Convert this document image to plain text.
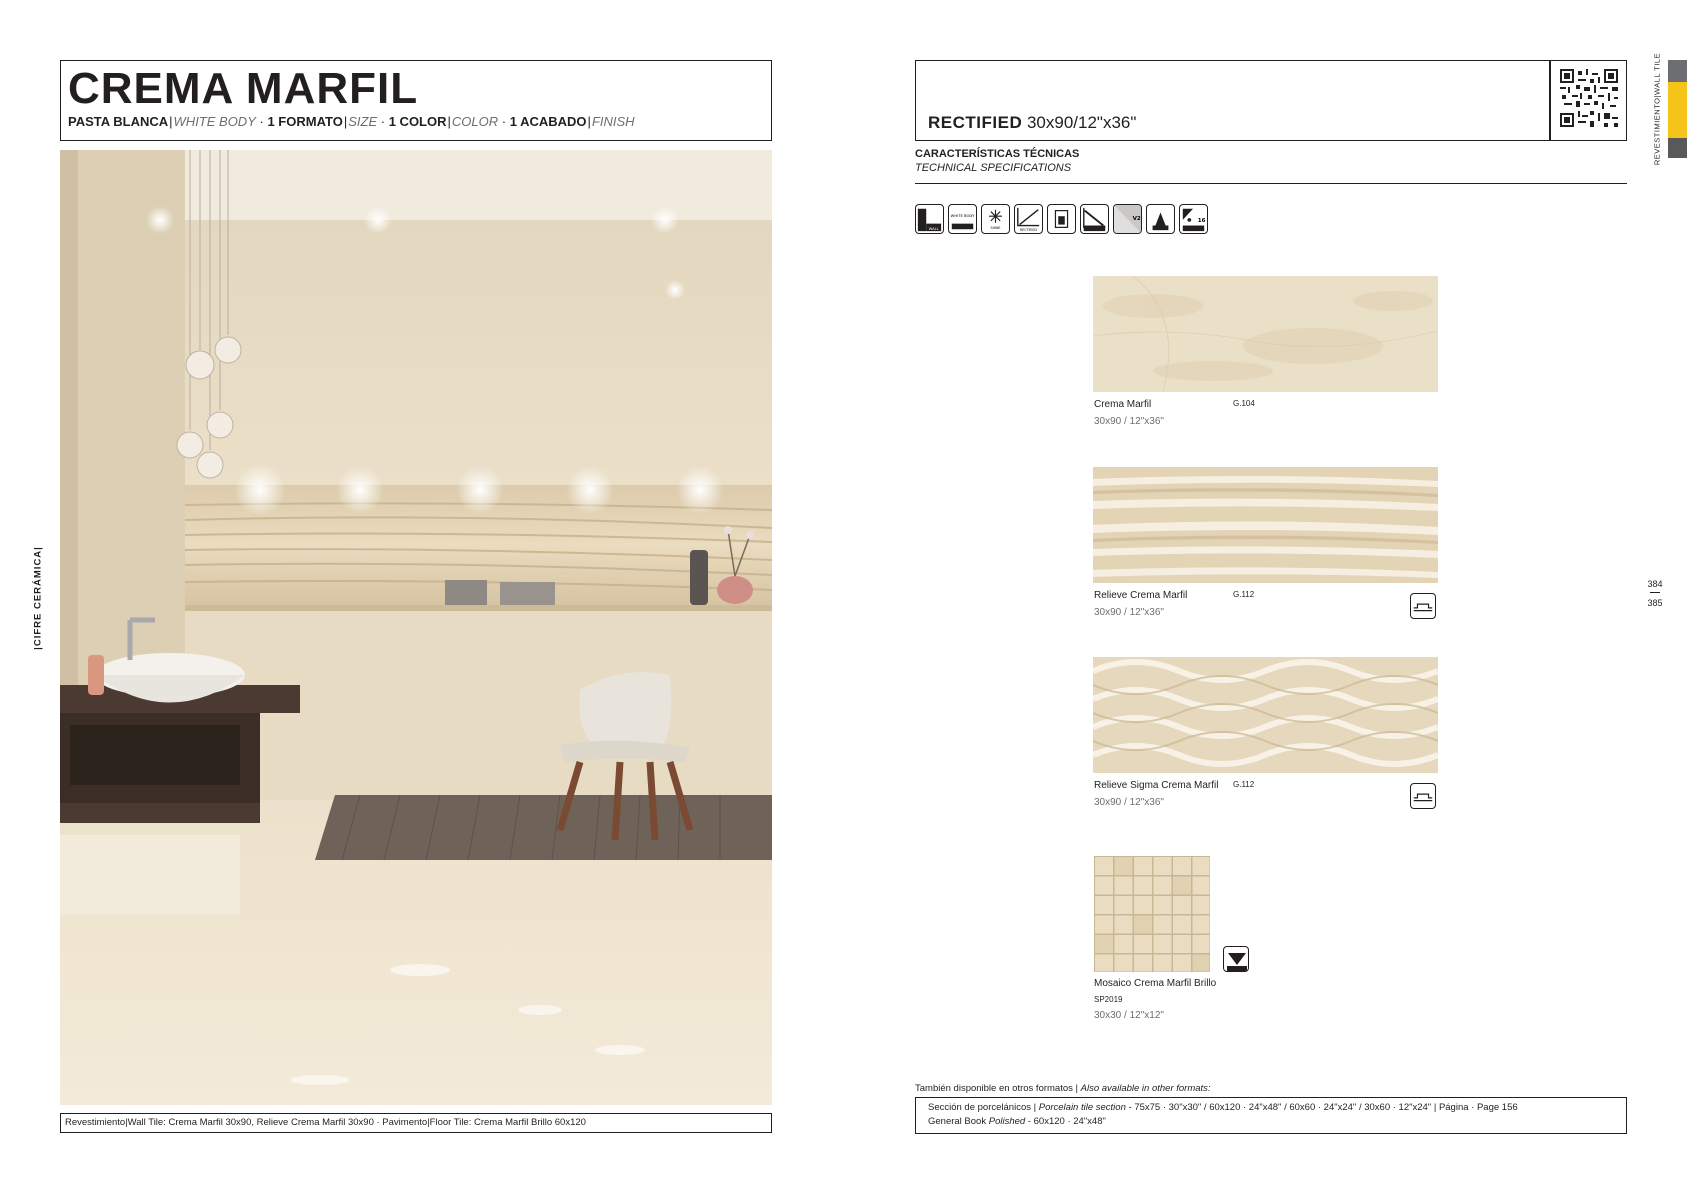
CREMA MARFIL
PASTA BLANCA|WHITE BODY · 1 FORMATO|SIZE · 1 COLOR|COLOR · 1 ACABADO|FINISH
|CIFRE CERÁMICA|
Revestimiento|Wall Tile: Crema Marfil 30x90, Relieve Crema Marfil 30x90 · Pavimento|Floor Tile: Crema Marfil Brillo 60x120
RECTIFIED 30x90/12"x36"
CARACTERÍSTICAS TÉCNICAS
TECHNICAL SPECIFICATIONS
WALL
WHITE BODY
SHINE	RECTIFIED
V2	16
Crema Marfil	G.104
30x90 / 12"x36"
Relieve Crema Marfil	G.112
30x90 / 12"x36"
Relieve Sigma Crema Marfil G.112
30x90 / 12"x36"
Mosaico Crema Marfil Brillo
SP2019
30x30 / 12"x12"
También disponible en otros formatos | Also available in other formats:
Sección de porcelánicos | Porcelain tile section - 75x75 · 30"x30" / 60x120 · 24"x48" / 60x60 · 24"x24" / 30x60 · 12"x24" | Página · Page 156
General Book Polished - 60x120 · 24"x48"
REVESTIMIENTO|WALL TILE
384
385
